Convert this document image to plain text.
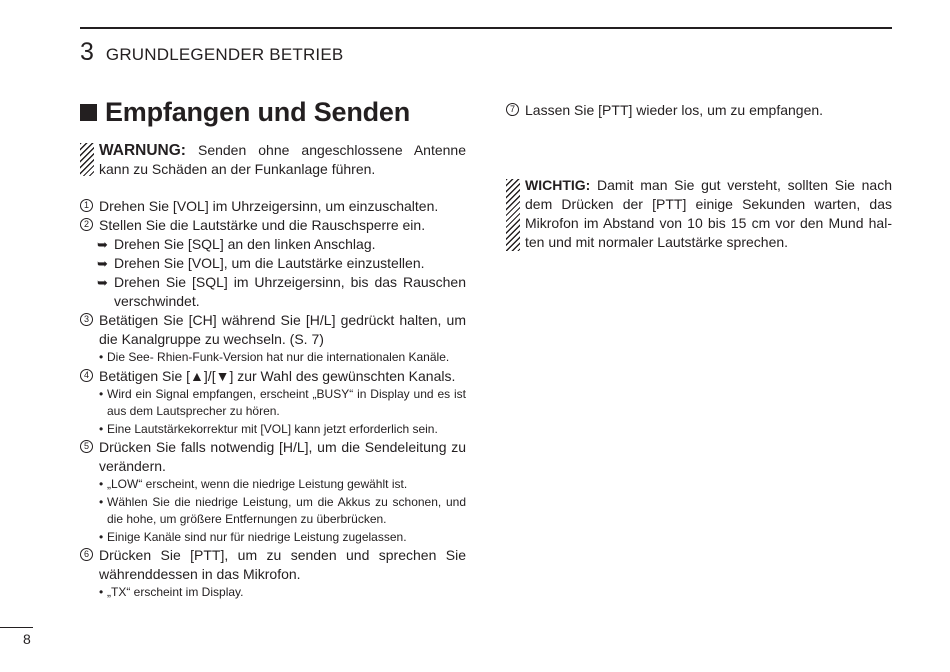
3 GRUNDLEGENDER BETRIEB
Empfangen und Senden
WARNUNG: Senden ohne angeschlossene Antenne kann zu Schäden an der Funkanlage führen.
1 Drehen Sie [VOL] im Uhrzeigersinn, um einzuschalten.
2 Stellen Sie die Lautstärke und die Rauschsperre ein.
➥ Drehen Sie [SQL] an den linken Anschlag.
➥ Drehen Sie [VOL], um die Lautstärke einzustellen.
➥ Drehen Sie [SQL] im Uhrzeigersinn, bis das Rauschen verschwindet.
3 Betätigen Sie [CH] während Sie [H/L] gedrückt halten, um die Kanalgruppe zu wechseln. (S. 7)
• Die See- Rhien-Funk-Version hat nur die internationalen Kanäle.
4 Betätigen Sie [▲]/[▼] zur Wahl des gewünschten Kanals.
• Wird ein Signal empfangen, erscheint „BUSY“ in Display und es ist aus dem Lautsprecher zu hören.
• Eine Lautstärkekorrektur mit [VOL] kann jetzt erforderlich sein.
5 Drücken Sie falls notwendig [H/L], um die Sendeleitung zu verändern.
• „LOW“ erscheint, wenn die niedrige Leistung gewählt ist.
• Wählen Sie die niedrige Leistung, um die Akkus zu schonen, und die hohe, um größere Entfernungen zu überbrücken.
• Einige Kanäle sind nur für niedrige Leistung zugelassen.
6 Drücken Sie [PTT], um zu senden und sprechen Sie währenddessen in das Mikrofon.
• „TX“ erscheint im Display.
7 Lassen Sie [PTT] wieder los, um zu empfangen.
WICHTIG: Damit man Sie gut versteht, sollten Sie nach dem Drücken der [PTT] einige Sekunden warten, das Mikrofon im Abstand von 10 bis 15 cm vor den Mund halten und mit normaler Lautstärke sprechen.
8
